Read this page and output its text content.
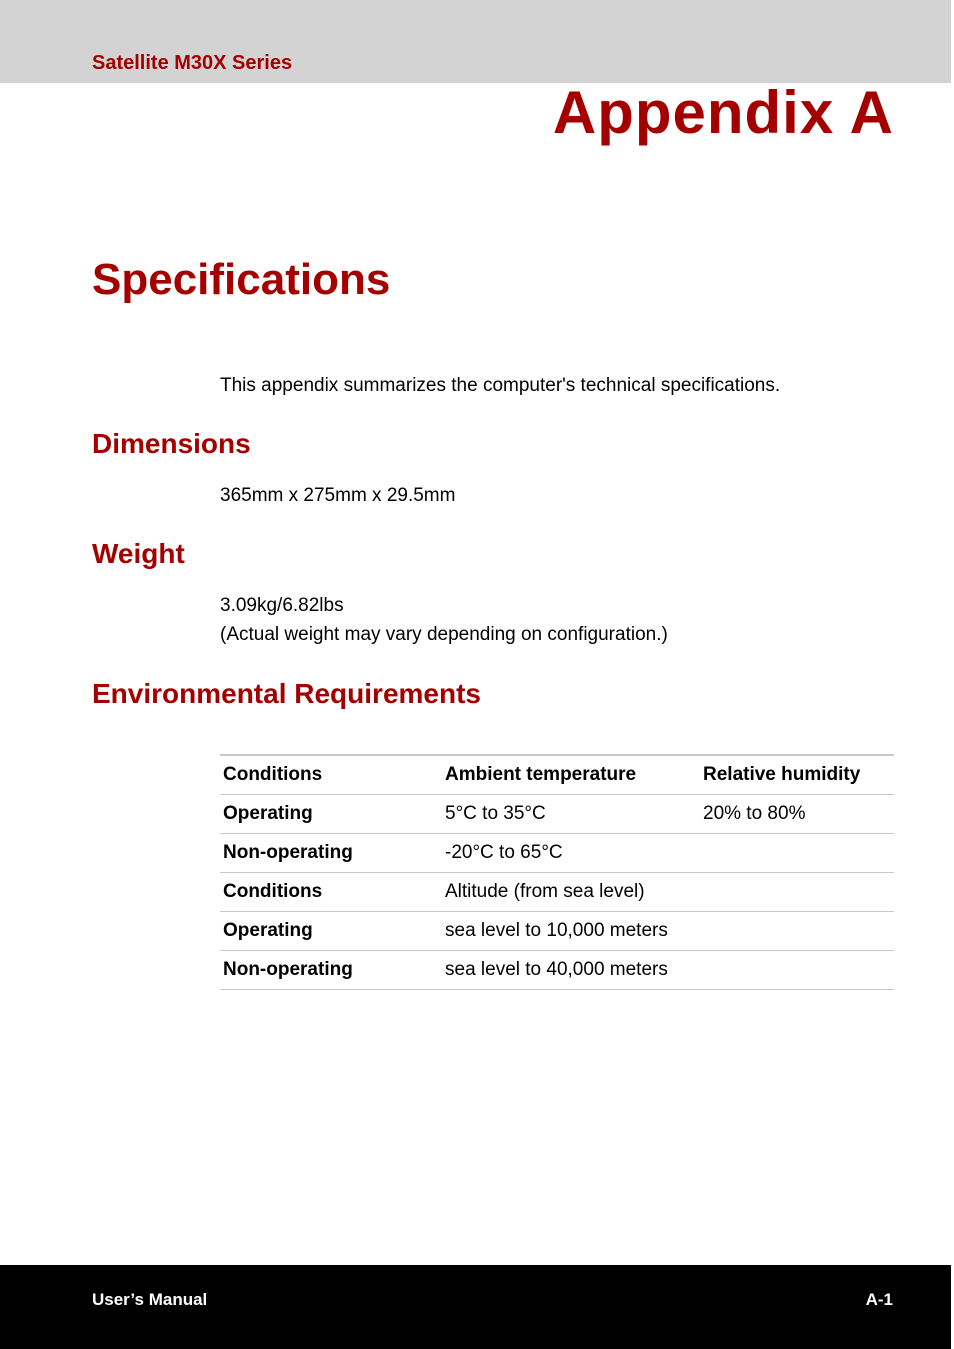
Satellite M30X Series
Appendix A
Specifications
This appendix summarizes the computer's technical specifications.
Dimensions
365mm x 275mm x 29.5mm
Weight
3.09kg/6.82lbs
(Actual weight may vary depending on configuration.)
Environmental Requirements
Conditions	Ambient temperature	Relative humidity
Operating	5°C to 35°C	20% to 80%
Non-operating	-20°C to 65°C	
Conditions	Altitude (from sea level)	
Operating	sea level to 10,000 meters	
Non-operating	sea level to 40,000 meters	
User’s Manual	A-1
